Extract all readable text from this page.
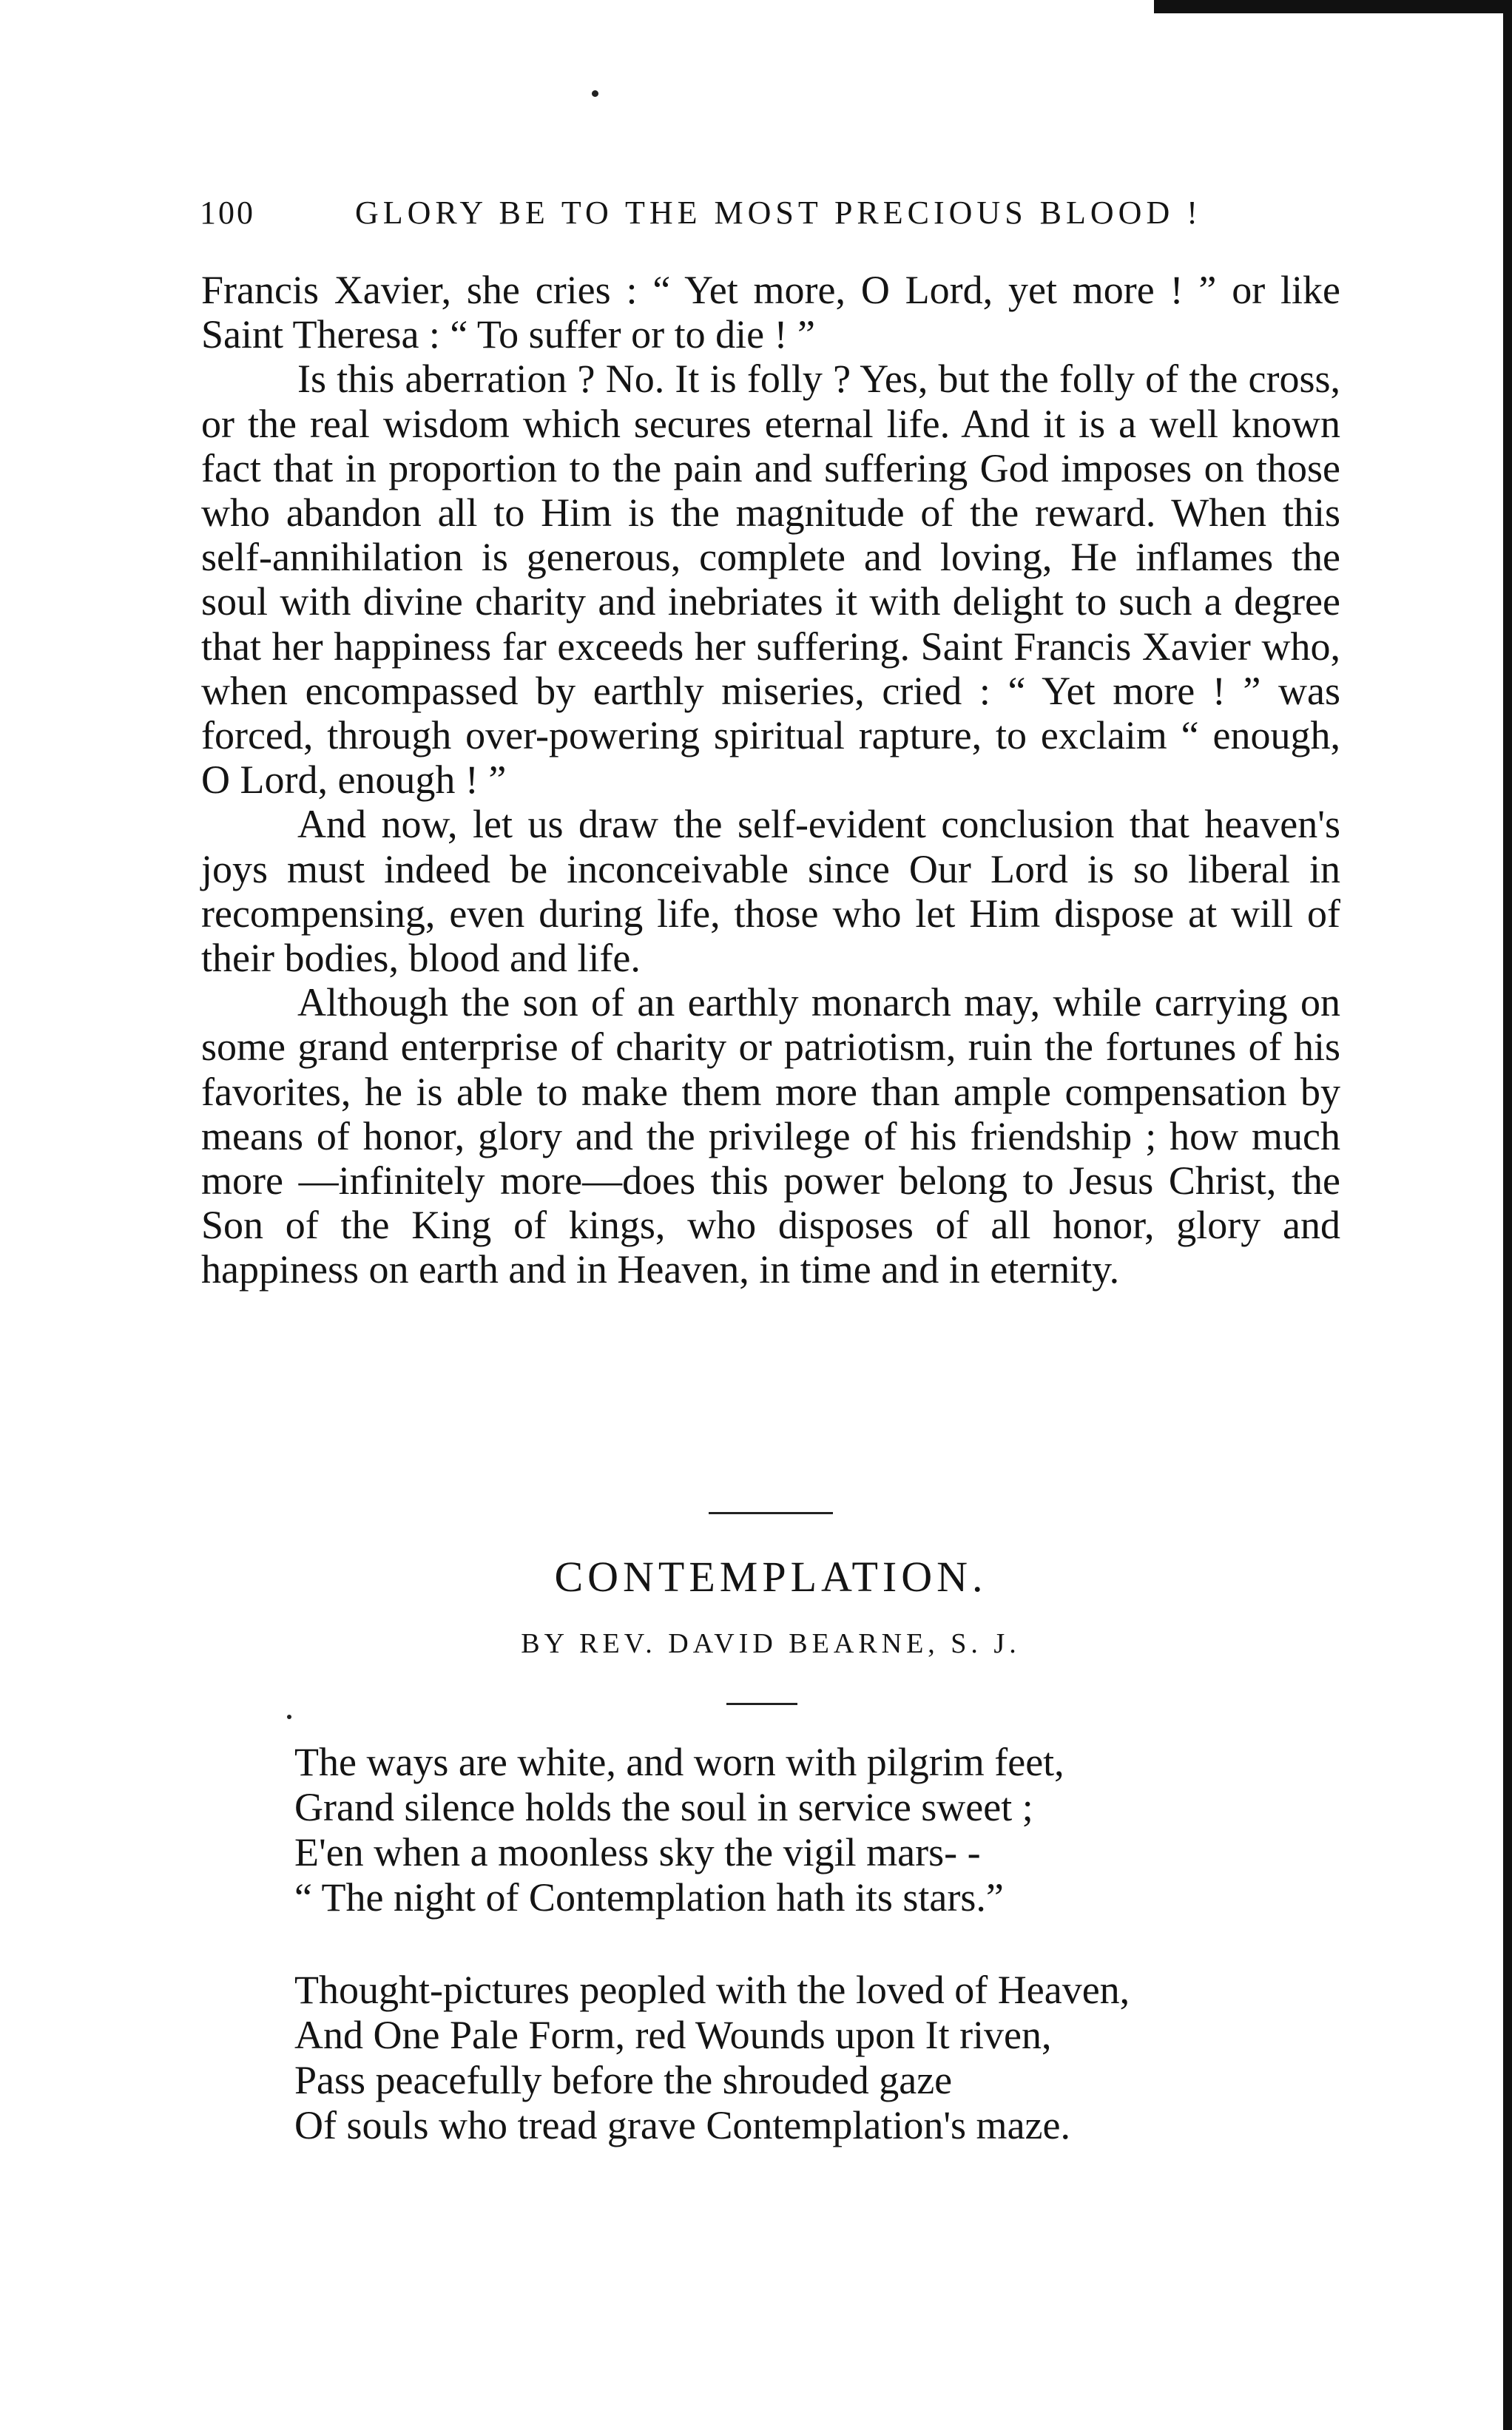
100	GLORY BE TO THE MOST PRECIOUS BLOOD !

Francis Xavier, she cries : “ Yet more, O Lord, yet more ! ” or like Saint Theresa : “ To suffer or to die ! ”

Is this aberration ? No. It is folly ? Yes, but the folly of the cross, or the real wisdom which secures eternal life. And it is a well known fact that in proportion to the pain and suffering God imposes on those who abandon all to Him is the magnitude of the reward. When this self-annihilation is generous, complete and loving, He inflames the soul with divine charity and inebriates it with delight to such a degree that her happiness far exceeds her suffering. Saint Francis Xavier who, when encompassed by earthly miseries, cried : “ Yet more ! ” was forced, through over-powering spiritual rapture, to exclaim “ enough, O Lord, enough ! ”

And now, let us draw the self-evident conclusion that heaven's joys must indeed be inconceivable since Our Lord is so liberal in recompensing, even during life, those who let Him dispose at will of their bodies, blood and life.

Although the son of an earthly monarch may, while carrying on some grand enterprise of charity or patriotism, ruin the fortunes of his favorites, he is able to make them more than ample compensation by means of honor, glory and the privilege of his friendship ; how much more —infinitely more—does this power belong to Jesus Christ, the Son of the King of kings, who disposes of all honor, glory and happiness on earth and in Heaven, in time and in eternity.

CONTEMPLATION.
BY REV. DAVID BEARNE, S. J.
The ways are white, and worn with pilgrim feet,
Grand silence holds the soul in service sweet ;
E'en when a moonless sky the vigil mars- -
“ The night of Contemplation hath its stars.”
Thought-pictures peopled with the loved of Heaven,
And One Pale Form, red Wounds upon It riven,
Pass peacefully before the shrouded gaze
Of souls who tread grave Contemplation's maze.
